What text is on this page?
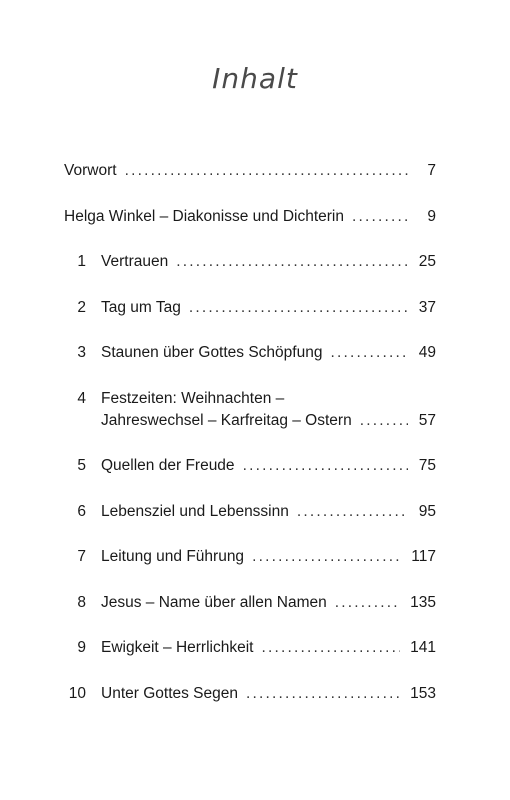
Inhalt
Vorwort .....	7
Helga Winkel – Diakonisse und Dichterin .....	9
1 Vertrauen .....	25
2 Tag um Tag .....	37
3 Staunen über Gottes Schöpfung .....	49
4 Festzeiten: Weihnachten –
Jahreswechsel – Karfreitag – Ostern .....	57
5 Quellen der Freude .....	75
6 Lebensziel und Lebenssinn .....	95
7 Leitung und Führung .....	117
8 Jesus – Name über allen Namen .....	135
9 Ewigkeit – Herrlichkeit .....	141
10 Unter Gottes Segen .....	153
